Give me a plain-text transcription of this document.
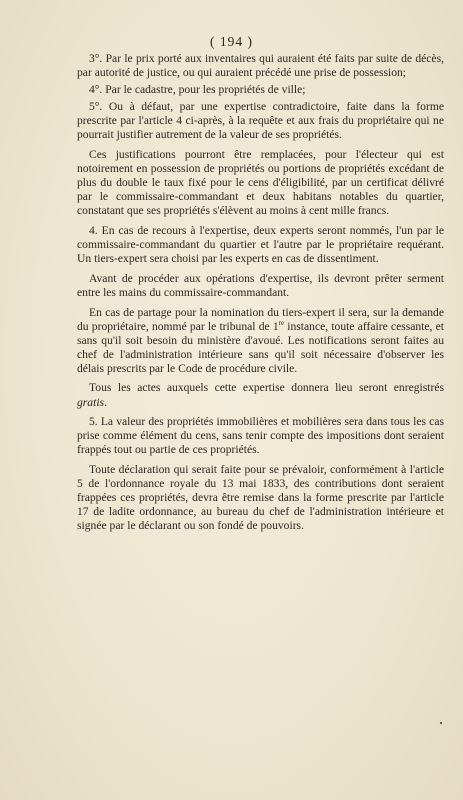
( 194 )

3°. Par le prix porté aux inventaires qui auraient été faits par suite de décès, par autorité de justice, ou qui auraient précédé une prise de possession;

4°. Par le cadastre, pour les propriétés de ville;

5°. Ou à défaut, par une expertise contradictoire, faite dans la forme prescrite par l'article 4 ci-après, à la requête et aux frais du propriétaire qui ne pourrait justifier autrement de la valeur de ses propriétés.

Ces justifications pourront être remplacées, pour l'électeur qui est notoirement en possession de propriétés ou portions de propriétés excédant de plus du double le taux fixé pour le cens d'éligibilité, par un certificat délivré par le commissaire-commandant et deux habitans notables du quartier, constatant que ses propriétés s'élèvent au moins à cent mille francs.

4. En cas de recours à l'expertise, deux experts seront nommés, l'un par le commissaire-commandant du quartier et l'autre par le propriétaire requérant. Un tiers-expert sera choisi par les experts en cas de dissentiment.

Avant de procéder aux opérations d'expertise, ils devront prêter serment entre les mains du commissaire-commandant.

En cas de partage pour la nomination du tiers-expert il sera, sur la demande du propriétaire, nommé par le tribunal de 1re instance, toute affaire cessante, et sans qu'il soit besoin du ministère d'avoué. Les notifications seront faites au chef de l'administration intérieure sans qu'il soit nécessaire d'observer les délais prescrits par le Code de procédure civile.

Tous les actes auxquels cette expertise donnera lieu seront enregistrés gratis.

5. La valeur des propriétés immobilières et mobilières sera dans tous les cas prise comme élément du cens, sans tenir compte des impositions dont seraient frappés tout ou partie de ces propriétés.

Toute déclaration qui serait faite pour se prévaloir, conformément à l'article 5 de l'ordonnance royale du 13 mai 1833, des contributions dont seraient frappées ces propriétés, devra être remise dans la forme prescrite par l'article 17 de ladite ordonnance, au bureau du chef de l'administration intérieure et signée par le déclarant ou son fondé de pouvoirs.
